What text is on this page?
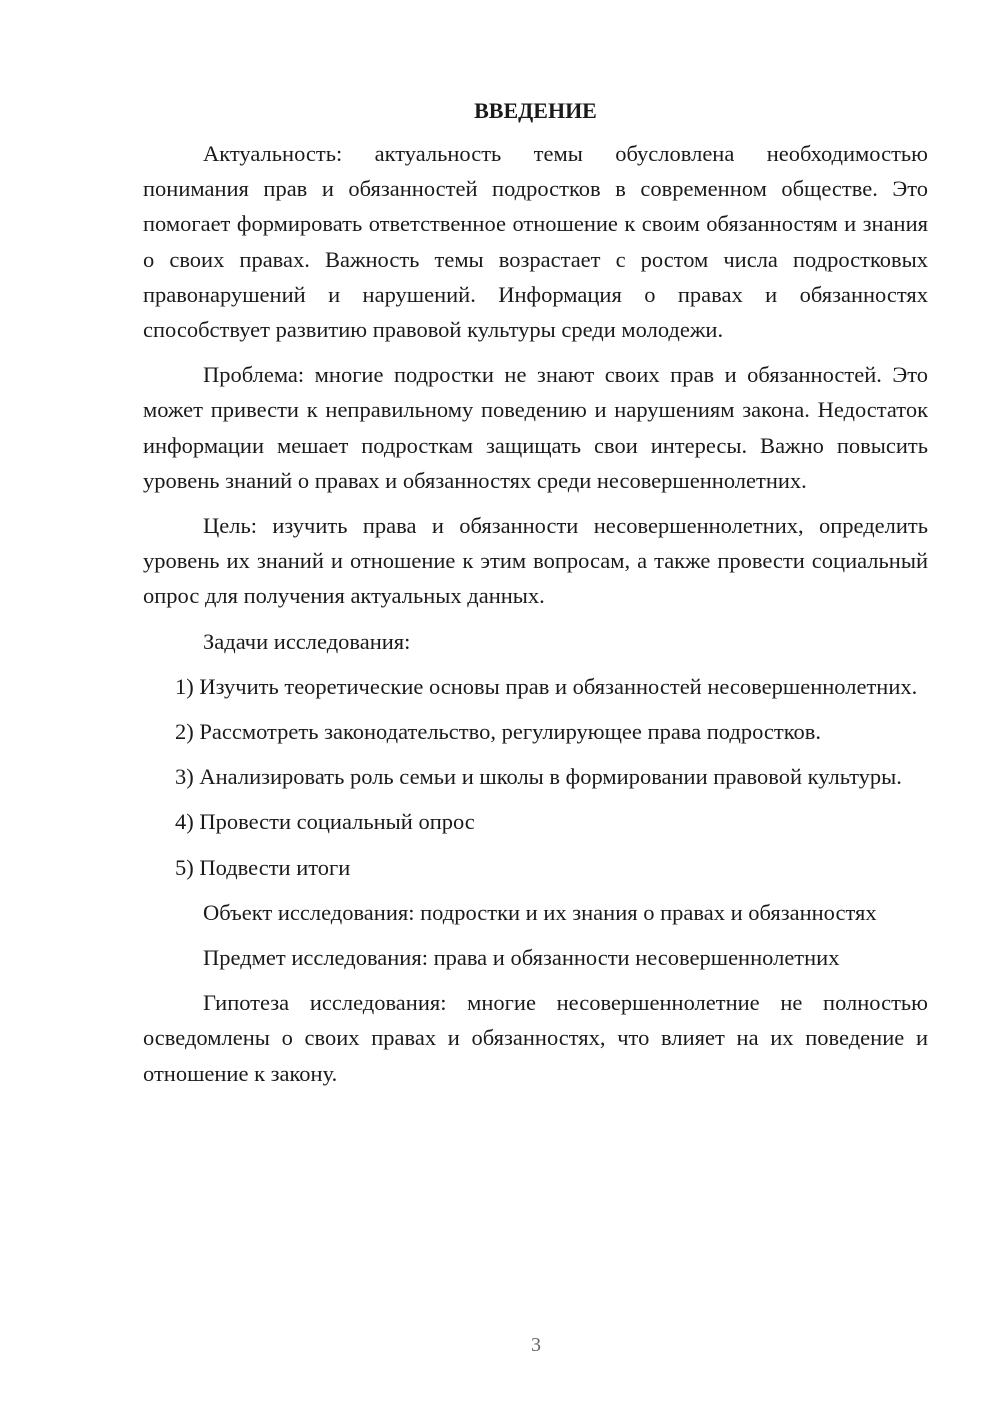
ВВЕДЕНИЕ

Актуальность: актуальность темы обусловлена необходимостью понимания прав и обязанностей подростков в современном обществе. Это помогает формировать ответственное отношение к своим обязанностям и знания о своих правах. Важность темы возрастает с ростом числа подростковых правонарушений и нарушений. Информация о правах и обязанностях способствует развитию правовой культуры среди молодежи.

Проблема: многие подростки не знают своих прав и обязанностей. Это может привести к неправильному поведению и нарушениям закона. Недостаток информации мешает подросткам защищать свои интересы. Важно повысить уровень знаний о правах и обязанностях среди несовершеннолетних.

Цель: изучить права и обязанности несовершеннолетних, определить уровень их знаний и отношение к этим вопросам, а также провести социальный опрос для получения актуальных данных.

Задачи исследования:

1) Изучить теоретические основы прав и обязанностей несовершеннолетних.

2) Рассмотреть законодательство, регулирующее права подростков.

3) Анализировать роль семьи и школы в формировании правовой культуры.

4) Провести социальный опрос

5) Подвести итоги

Объект исследования: подростки и их знания о правах и обязанностях

Предмет исследования: права и обязанности несовершеннолетних

Гипотеза исследования: многие несовершеннолетние не полностью осведомлены о своих правах и обязанностях, что влияет на их поведение и отношение к закону.

3
